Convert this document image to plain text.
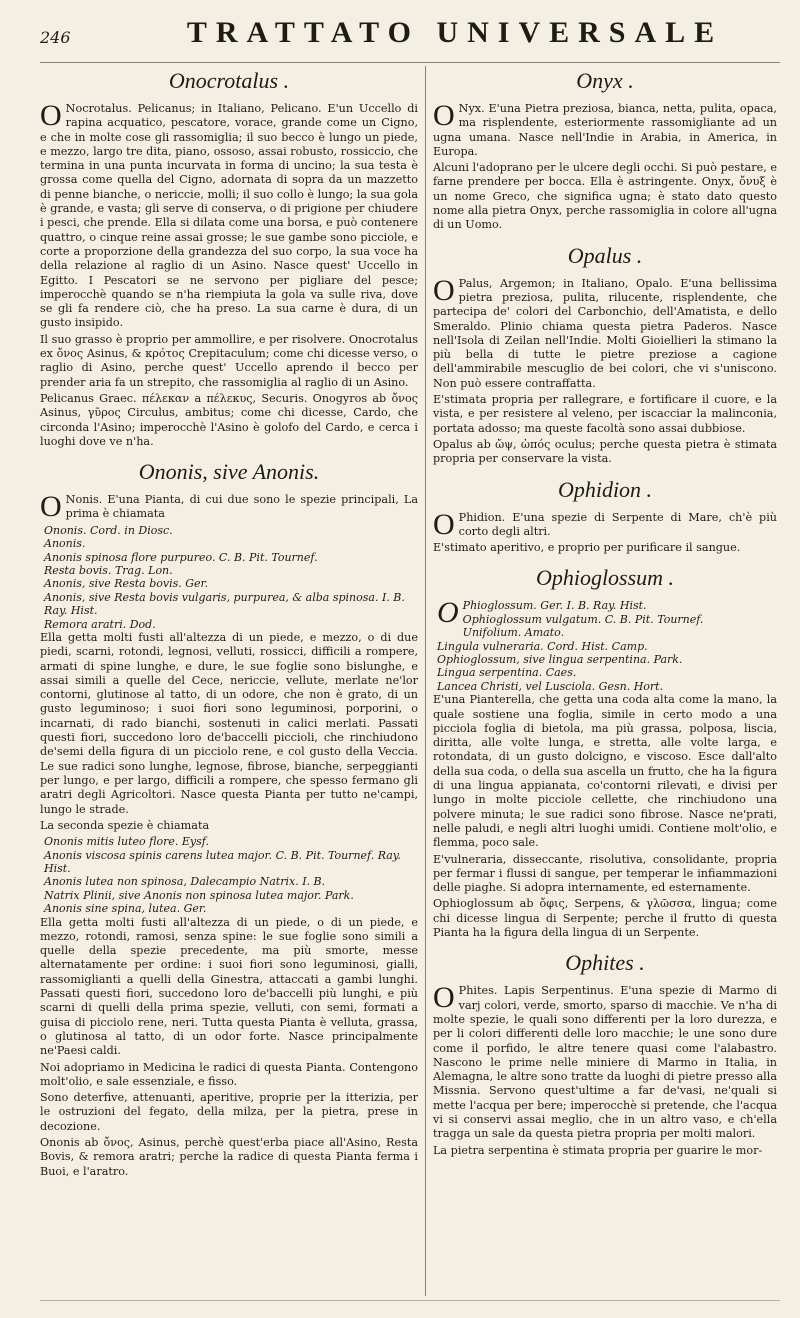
246	TRATTATO UNIVERSALE
Onocrotalus .

O Nocrotalus. Pelicanus; in Italiano, Pelicano. E'un Uccello di rapina acquatico, pescatore, vorace, grande come un Cigno, e che in molte cose gli rassomiglia; il suo becco è lungo un piede, e mezzo, largo tre dita, piano, ossoso, assai robusto, rossiccio, che termina in una punta incurvata in forma di uncino; la sua testa è grossa come quella del Cigno, adornata di sopra da un mazzetto di penne bianche, o nericcie, molli; il suo collo è lungo; la sua gola è grande, e vasta; gli serve di conserva, o di prigione per chiudere i pesci, che prende. Ella si dilata come una borsa, e può contenere quattro, o cinque reine assai grosse; le sue gambe sono picciole, e corte a proporzione della grandezza del suo corpo, la sua voce ha della relazione al raglio di un Asino. Nasce quest' Uccello in Egitto. I Pescatori se ne servono per pigliare del pesce; imperocchè quando se n'ha riempiuta la gola va sulle riva, dove se gli fa rendere ciò, che ha preso. La sua carne è dura, di un gusto insipido.

Il suo grasso è proprio per ammollire, e per risolvere. Onocrotalus ex ὄνος Asinus, & κρότος Crepitaculum; come chi dicesse verso, o raglio di Asino, perche quest' Uccello aprendo il becco per prender aria fa un strepito, che rassomiglia al raglio di un Asino.

Pelicanus Graec. πέλεκαν a πέλεκυς, Securis. Onogyros ab ὄνος Asinus, γῦρος Circulus, ambitus; come chi dicesse, Cardo, che circonda l'Asino; imperocchè l'Asino è golofo del Cardo, e cerca i luoghi dove ve n'ha.

Ononis, sive Anonis.

O Nonis. E'una Pianta, di cui due sono le spezie principali, La prima è chiamata

Ononis. Cord. in Diosc.

Anonis.

Anonis spinosa flore purpureo. C. B. Pit. Tournef.

Resta bovis. Trag. Lon.

Anonis, sive Resta bovis. Ger.

Anonis, sive Resta bovis vulgaris, purpurea, & alba spinosa. I. B. Ray. Hist.

Remora aratri. Dod.

Ella getta molti fusti all'altezza di un piede, e mezzo, o di due piedi, scarni, rotondi, legnosi, velluti, rossicci, difficili a rompere, armati di spine lunghe, e dure, le sue foglie sono bislunghe, e assai simili a quelle del Cece, nericcie, vellute, merlate ne'lor contorni, glutinose al tatto, di un odore, che non è grato, di un gusto leguminoso; i suoi fiori sono leguminosi, porporini, o incarnati, di rado bianchi, sostenuti in calici merlati. Passati questi fiori, succedono loro de'baccelli piccioli, che rinchiudono de'semi della figura di un picciolo rene, e col gusto della Veccia. Le sue radici sono lunghe, legnose, fibrose, bianche, serpeggianti per lungo, e per largo, difficili a rompere, che spesso fermano gli aratri degli Agricoltori. Nasce questa Pianta per tutto ne'campi, lungo le strade.

La seconda spezie è chiamata

Ononis mitis luteo flore. Eysf.

Anonis viscosa spinis carens lutea major. C. B. Pit. Tournef. Ray. Hist.

Anonis lutea non spinosa, Dalecampio Natrix. I. B.

Natrix Plinii, sive Anonis non spinosa lutea major. Park.

Anonis sine spina, lutea. Ger.

Ella getta molti fusti all'altezza di un piede, o di un piede, e mezzo, rotondi, ramosi, senza spine: le sue foglie sono simili a quelle della spezie precedente, ma più smorte, messe alternatamente per ordine: i suoi fiori sono leguminosi, gialli, rassomiglianti a quelli della Ginestra, attaccati a gambi lunghi. Passati questi fiori, succedono loro de'baccelli più lunghi, e più scarni di quelli della prima spezie, velluti, con semi, formati a guisa di picciolo rene, neri. Tutta questa Pianta è velluta, grassa, o glutinosa al tatto, di un odor forte. Nasce principalmente ne'Paesi caldi.

Noi adopriamo in Medicina le radici di questa Pianta. Contengono molt'olio, e sale essenziale, e fisso.

Sono deterfive, attenuanti, aperitive, proprie per la itterizia, per le ostruzioni del fegato, della milza, per la pietra, prese in decozione.

Ononis ab ὄνος, Asinus, perchè quest'erba piace all'Asino, Resta Bovis, & remora aratri; perche la radice di questa Pianta ferma i Buoi, e l'aratro.

Onyx .

O Nyx. E'una Pietra preziosa, bianca, netta, pulita, opaca, ma risplendente, esteriormente rassomigliante ad un ugna umana. Nasce nell'Indie in Arabia, in America, in Europa.

Alcuni l'adoprano per le ulcere degli occhi. Si può pestare, e farne prendere per bocca. Ella è astringente. Onyx, ὄνυξ è un nome Greco, che significa ugna; è stato dato questo nome alla pietra Onyx, perche rassomiglia in colore all'ugna di un Uomo.

Opalus .

O Palus, Argemon; in Italiano, Opalo. E'una bellissima pietra preziosa, pulita, rilucente, risplendente, che partecipa de' colori del Carbonchio, dell'Amatista, e dello Smeraldo. Plinio chiama questa pietra Paderos. Nasce nell'Isola di Zeilan nell'Indie. Molti Gioiellieri la stimano la più bella di tutte le pietre preziose a cagione dell'ammirabile mescuglio de bei colori, che vi s'uniscono. Non può essere contraffatta.

E'stimata propria per rallegrare, e fortificare il cuore, e la vista, e per resistere al veleno, per iscacciar la malinconia, portata adosso; ma queste facoltà sono assai dubbiose.

Opalus ab ὤψ, ὠπός oculus; perche questa pietra è stimata propria per conservare la vista.

Ophidion .

O Phidion. E'una spezie di Serpente di Mare, ch'è più corto degli altri.

E'stimato aperitivo, e proprio per purificare il sangue.

Ophioglossum .

O Phioglossum. Ger. I. B. Ray. Hist.

Ophioglossum vulgatum. C. B. Pit. Tournef.

Unifolium. Amato.

Lingula vulneraria. Cord. Hist. Camp.

Ophioglossum, sive lingua serpentina. Park.

Lingua serpentina. Caes.

Lancea Christi, vel Lusciola. Gesn. Hort.

E'una Pianterella, che getta una coda alta come la mano, la quale sostiene una foglia, simile in certo modo a una picciola foglia di bietola, ma più grassa, polposa, liscia, diritta, alle volte lunga, e stretta, alle volte larga, e rotondata, di un gusto dolcigno, e viscoso. Esce dall'alto della sua coda, o della sua ascella un frutto, che ha la figura di una lingua appianata, co'contorni rilevati, e divisi per lungo in molte picciole cellette, che rinchiudono una polvere minuta; le sue radici sono fibrose. Nasce ne'prati, nelle paludi, e negli altri luoghi umidi. Contiene molt'olio, e flemma, poco sale.

E'vulneraria, disseccante, risolutiva, consolidante, propria per fermar i flussi di sangue, per temperar le infiammazioni delle piaghe. Si adopra internamente, ed esternamente.

Ophioglossum ab ὄφις, Serpens, & γλῶσσα, lingua; come chi dicesse lingua di Serpente; perche il frutto di questa Pianta ha la figura della lingua di un Serpente.

Ophites .

O Phites. Lapis Serpentinus. E'una spezie di Marmo di varj colori, verde, smorto, sparso di macchie. Ve n'ha di molte spezie, le quali sono differenti per la loro durezza, e per li colori differenti delle loro macchie; le une sono dure come il porfido, le altre tenere quasi come l'alabastro. Nascono le prime nelle miniere di Marmo in Italia, in Alemagna, le altre sono tratte da luoghi di pietre presso alla Missnia. Servono quest'ultime a far de'vasi, ne'quali si mette l'acqua per bere; imperocchè si pretende, che l'acqua vi si conservi assai meglio, che in un altro vaso, e ch'ella tragga un sale da questa pietra propria per molti malori.

La pietra serpentina è stimata propria per guarire le mor-
